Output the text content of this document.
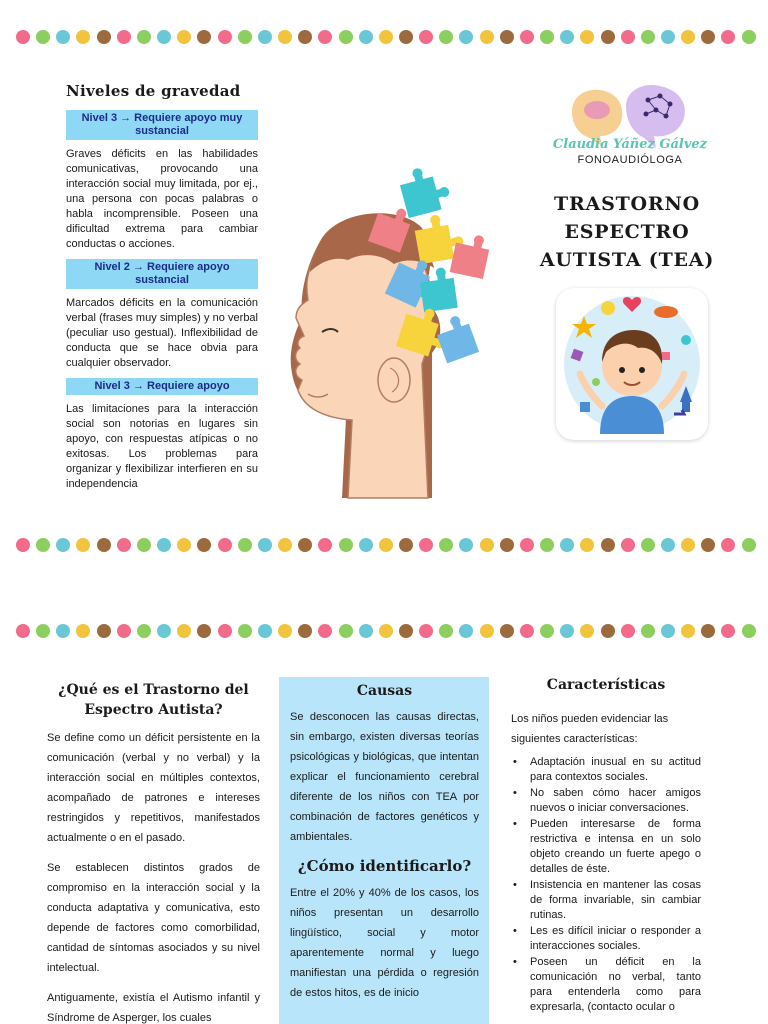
Niveles de gravedad
Nivel 3 → Requiere apoyo muy sustancial

Graves déficits en las habilidades comunicativas, provocando una interacción social muy limitada, por ej., una persona con pocas palabras o habla incomprensible. Poseen una dificultad extrema para cambiar conductas o acciones.

Nivel 2 → Requiere apoyo sustancial

Marcados déficits en la comunicación verbal (frases muy simples) y no verbal (peculiar uso gestual). Inflexibilidad de conducta que se hace obvia para cualquier observador.

Nivel 3 → Requiere apoyo

Las limitaciones para la interacción social son notorias en lugares sin apoyo, con respuestas atípicas o no exitosas. Los problemas para organizar y flexibilizar interfieren en su independencia

Claudia Yáñez Gálvez
FONOAUDIÓLOGA
TRASTORNO
ESPECTRO
AUTISTA (TEA)
¿Qué es el Trastorno del Espectro Autista?

Se define como un déficit persistente en la comunicación (verbal y no verbal) y la interacción social en múltiples contextos, acompañado de patrones e intereses restringidos y repetitivos, manifestados actualmente o en el pasado.

Se establecen distintos grados de compromiso en la interacción social y la conducta adaptativa y comunicativa, esto depende de factores como comorbilidad, cantidad de síntomas asociados y su nivel intelectual.

Antiguamente, existía el Autismo infantil y Síndrome de Asperger, los cuales

Causas

Se desconocen las causas directas, sin embargo, existen diversas teorías psicológicas y biológicas, que intentan explicar el funcionamiento cerebral diferente de los niños con TEA por combinación de factores genéticos y ambientales.

¿Cómo identificarlo?

Entre el 20% y 40% de los casos, los niños presentan un desarrollo lingüístico, social y motor aparentemente normal y luego manifiestan una pérdida o regresión de estos hitos, es de inicio

Características

Los niños pueden evidenciar las siguientes características:

• Adaptación inusual en su actitud para contextos sociales.
• No saben cómo hacer amigos nuevos o iniciar conversaciones.
• Pueden interesarse de forma restrictiva e intensa en un solo objeto creando un fuerte apego o detalles de éste.
• Insistencia en mantener las cosas de forma invariable, sin cambiar rutinas.
• Les es difícil iniciar o responder a interacciones sociales.
• Poseen un déficit en la comunicación no verbal, tanto para entenderla como para expresarla, (contacto ocular o
